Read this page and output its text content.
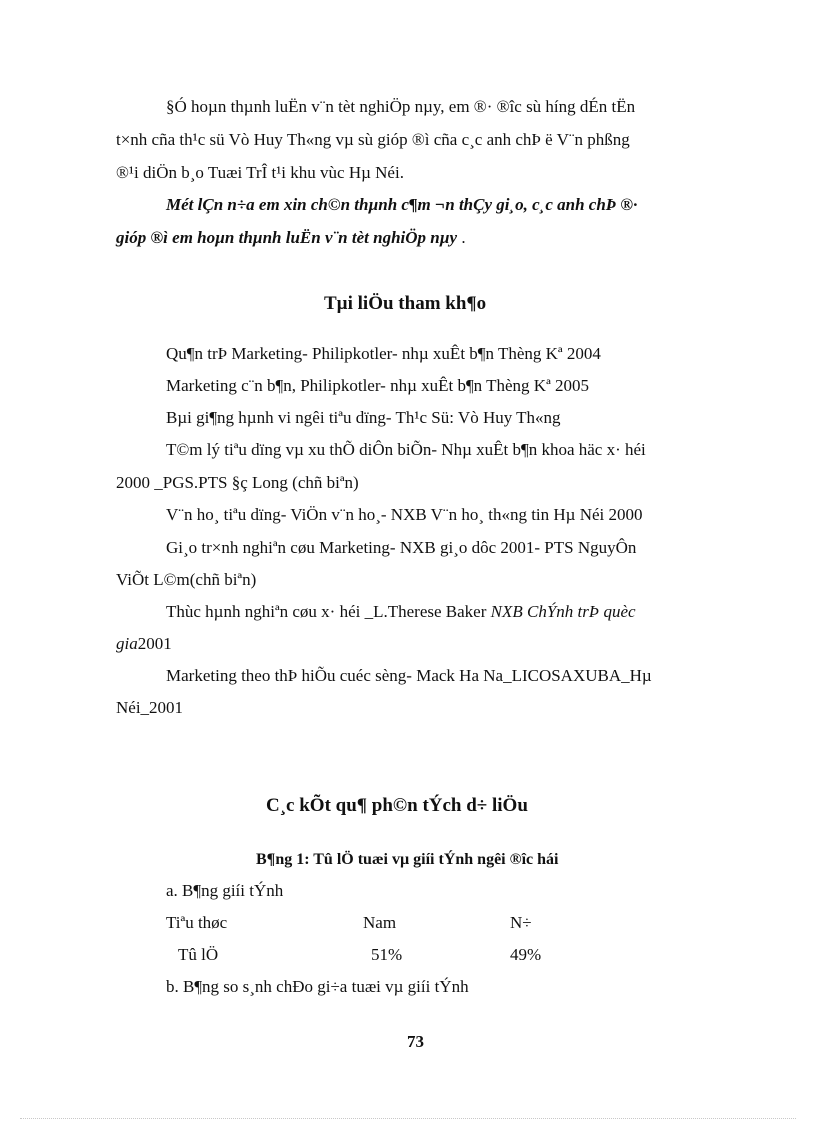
§Ó hoµn thµnh luËn v¨n tèt nghiÖp nµy, em ®· ®îc sù híng dÉn tËn
t×nh cña th¹c sü Vò Huy Th«ng vµ sù gióp ®ì cña c¸c anh chÞ ë V¨n phßng
®¹i diÖn b¸o Tuæi TrÎ t¹i khu vùc Hµ Néi.
Mét lÇn n÷a em xin ch©n thµnh c¶m ¬n thÇy gi¸o, c¸c anh chÞ ®·
gióp ®ì em hoµn thµnh luËn v¨n tèt nghiÖp nµy .
Tµi liÖu tham kh¶o
Qu¶n trÞ Marketing- Philipkotler- nhµ xuÊt b¶n Thèng Kª 2004
Marketing c¨n b¶n, Philipkotler- nhµ xuÊt b¶n Thèng Kª 2005
Bµi gi¶ng hµnh vi ngêi tiªu dïng- Th¹c Sü: Vò Huy Th«ng
T©m lý tiªu dïng vµ xu thÕ diÔn biÕn- Nhµ xuÊt b¶n khoa häc x· héi
2000 _PGS.PTS §ç Long (chñ biªn)
V¨n ho¸ tiªu dïng- ViÖn v¨n ho¸- NXB V¨n ho¸ th«ng tin Hµ Néi 2000
Gi¸o tr×nh nghiªn cøu Marketing- NXB gi¸o dôc 2001- PTS NguyÔn
ViÕt L©m(chñ biªn)
Thùc hµnh nghiªn cøu x· héi _L.Therese Baker NXB ChÝnh trÞ quèc
gia2001
Marketing theo thÞ hiÕu cuéc sèng- Mack Ha Na_LICOSAXUBA_Hµ
Néi_2001
C¸c kÕt qu¶ ph©n tÝch d÷ liÖu
B¶ng 1: Tû lÖ tuæi vµ giíi tÝnh ngêi ®îc hái
a. B¶ng giíi tÝnh
Tiªu thøc	Nam	N÷
Tû lÖ	51%	49%
b. B¶ng so s¸nh chÐo gi÷a tuæi vµ giíi tÝnh
73
